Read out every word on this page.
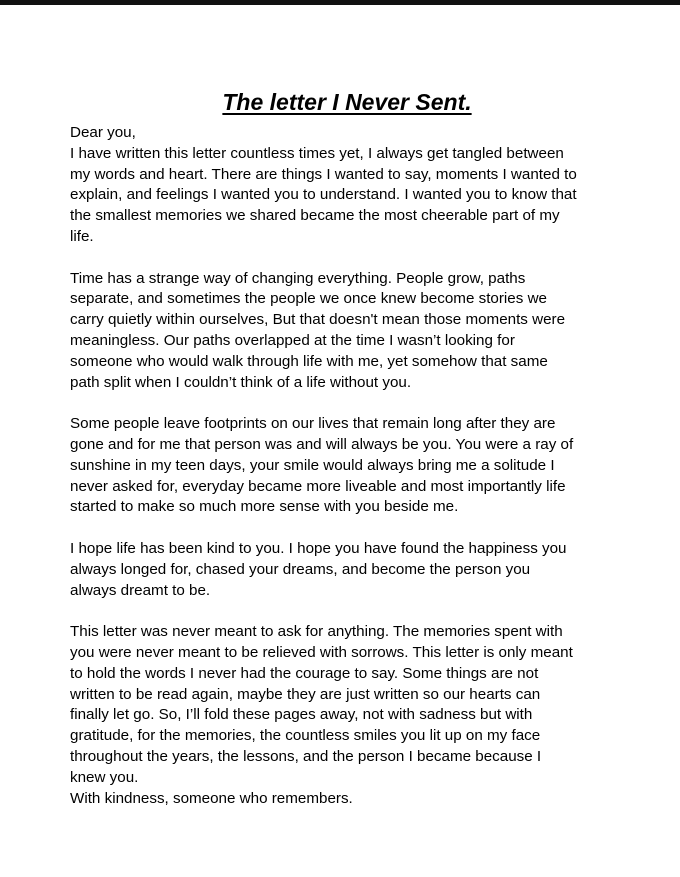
The letter I Never Sent.
Dear you,
I have written this letter countless times yet, I always get tangled between
my words and heart. There are things I wanted to say, moments I wanted to
explain, and feelings I wanted you to understand. I wanted you to know that
the smallest memories we shared became the most cheerable part of my
life.
Time has a strange way of changing everything. People grow, paths
separate, and sometimes the people we once knew become stories we
carry quietly within ourselves, But that doesn't mean those moments were
meaningless. Our paths overlapped at the time I wasn’t looking for
someone who would walk through life with me, yet somehow that same
path split when I couldn’t think of a life without you.
Some people leave footprints on our lives that remain long after they are
gone and for me that person was and will always be you. You were a ray of
sunshine in my teen days, your smile would always bring me a solitude I
never asked for, everyday became more liveable and most importantly life
started to make so much more sense with you beside me.
I hope life has been kind to you. I hope you have found the happiness you
always longed for, chased your dreams, and become the person you
always dreamt to be.
This letter was never meant to ask for anything. The memories spent with
you were never meant to be relieved with sorrows. This letter is only meant
to hold the words I never had the courage to say. Some things are not
written to be read again, maybe they are just written so our hearts can
finally let go. So, I’ll fold these pages away, not with sadness but with
gratitude, for the memories, the countless smiles you lit up on my face
throughout the years, the lessons, and the person I became because I
knew you.
With kindness, someone who remembers.
